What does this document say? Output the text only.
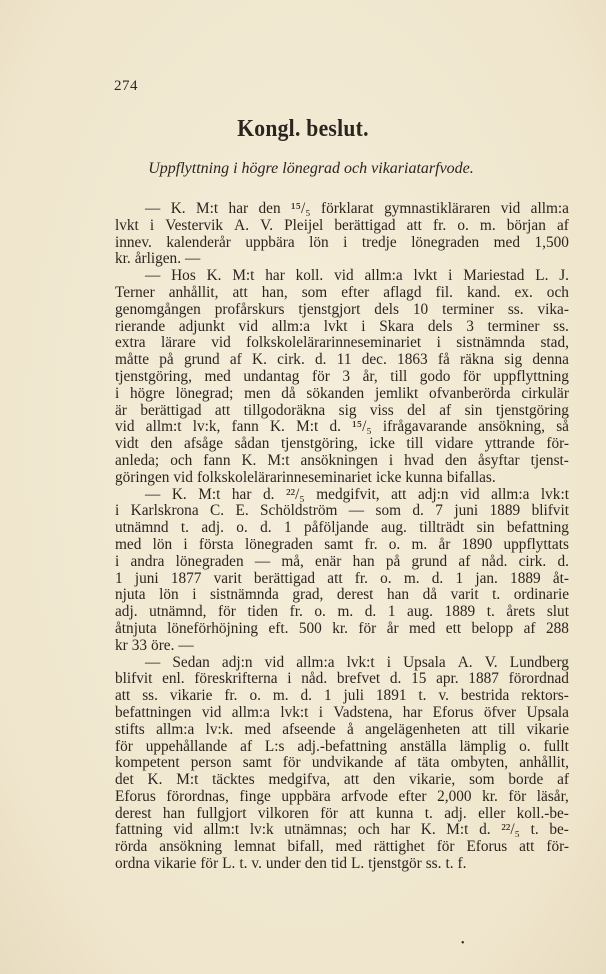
274
Kongl. beslut.
Uppflyttning i högre lönegrad och vikariatarfvode.
— K. M:t har den ¹⁵/₅ förklarat gymnastikläraren vid allm:a
lvkt i Vestervik A. V. Pleijel berättigad att fr. o. m. början af
innev. kalenderår uppbära lön i tredje lönegraden med 1,500
kr. årligen. —
— Hos K. M:t har koll. vid allm:a lvkt i Mariestad L. J.
Terner anhållit, att han, som efter aflagd fil. kand. ex. och
genomgången profårskurs tjenstgjort dels 10 terminer ss. vika-
rierande adjunkt vid allm:a lvkt i Skara dels 3 terminer ss.
extra lärare vid folkskolelärarinneseminariet i sistnämnda stad,
måtte på grund af K. cirk. d. 11 dec. 1863 få räkna sig denna
tjenstgöring, med undantag för 3 år, till godo för uppflyttning
i högre lönegrad; men då sökanden jemlikt ofvanberörda cirkulär
är berättigad att tillgodoräkna sig viss del af sin tjenstgöring
vid allm:t lv:k, fann K. M:t d. ¹⁵/₅ ifrågavarande ansökning, så
vidt den afsåge sådan tjenstgöring, icke till vidare yttrande för-
anleda; och fann K. M:t ansökningen i hvad den åsyftar tjenst-
göringen vid folkskolelärarinneseminariet icke kunna bifallas.
— K. M:t har d. ²²/₅ medgifvit, att adj:n vid allm:a lvk:t
i Karlskrona C. E. Schöldström — som d. 7 juni 1889 blifvit
utnämnd t. adj. o. d. 1 påföljande aug. tillträdt sin befattning
med lön i första lönegraden samt fr. o. m. år 1890 uppflyttats
i andra lönegraden — må, enär han på grund af nåd. cirk. d.
1 juni 1877 varit berättigad att fr. o. m. d. 1 jan. 1889 åt-
njuta lön i sistnämnda grad, derest han då varit t. ordinarie
adj. utnämnd, för tiden fr. o. m. d. 1 aug. 1889 t. årets slut
åtnjuta löneförhöjning eft. 500 kr. för år med ett belopp af 288
kr 33 öre. —
— Sedan adj:n vid allm:a lvk:t i Upsala A. V. Lundberg
blifvit enl. föreskrifterna i nåd. brefvet d. 15 apr. 1887 förordnad
att ss. vikarie fr. o. m. d. 1 juli 1891 t. v. bestrida rektors-
befattningen vid allm:a lvk:t i Vadstena, har Eforus öfver Upsala
stifts allm:a lv:k. med afseende å angelägenheten att till vikarie
för uppehållande af L:s adj.-befattning anställa lämplig o. fullt
kompetent person samt för undvikande af täta ombyten, anhållit,
det K. M:t täcktes medgifva, att den vikarie, som borde af
Eforus förordnas, finge uppbära arfvode efter 2,000 kr. för läsår,
derest han fullgjort vilkoren för att kunna t. adj. eller koll.-be-
fattning vid allm:t lv:k utnämnas; och har K. M:t d. ²²/₅ t. be-
rörda ansökning lemnat bifall, med rättighet för Eforus att för-
ordna vikarie för L. t. v. under den tid L. tjenstgör ss. t. f.
•
